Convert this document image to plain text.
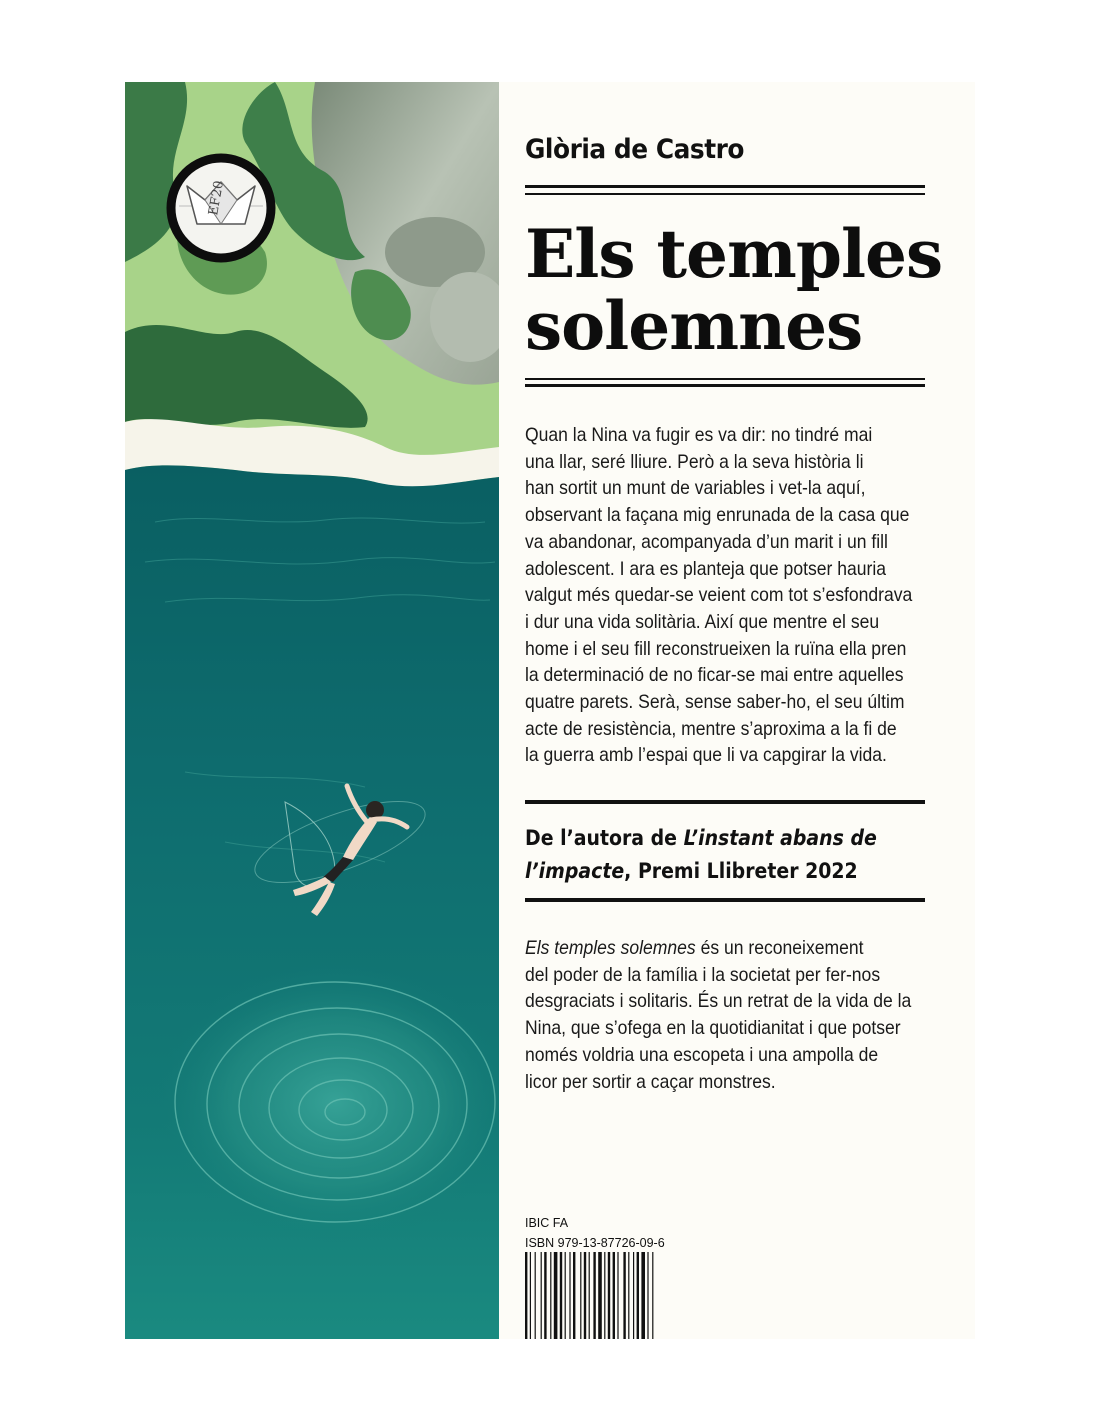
EF20
Glòria de Castro
Els temples
solemnes
Quan la Nina va fugir es va dir: no tindré mai
una llar, seré lliure. Però a la seva història li
han sortit un munt de variables i vet-la aquí,
observant la façana mig enrunada de la casa que
va abandonar, acompanyada d’un marit i un fill
adolescent. I ara es planteja que potser hauria
valgut més quedar-se veient com tot s’esfondrava
i dur una vida solitària. Així que mentre el seu
home i el seu fill reconstrueixen la ruïna ella pren
la determinació de no ficar-se mai entre aquelles
quatre parets. Serà, sense saber-ho, el seu últim
acte de resistència, mentre s’aproxima a la fi de
la guerra amb l’espai que li va capgirar la vida.

De l’autora de L’instant abans de
l’impacte, Premi Llibreter 2022

Els temples solemnes és un reconeixement
del poder de la família i la societat per fer-nos
desgraciats i solitaris. És un retrat de la vida de la
Nina, que s’ofega en la quotidianitat i que potser
només voldria una escopeta i una ampolla de
licor per sortir a caçar monstres.
IBIC FA
ISBN 979-13-87726-09-6
